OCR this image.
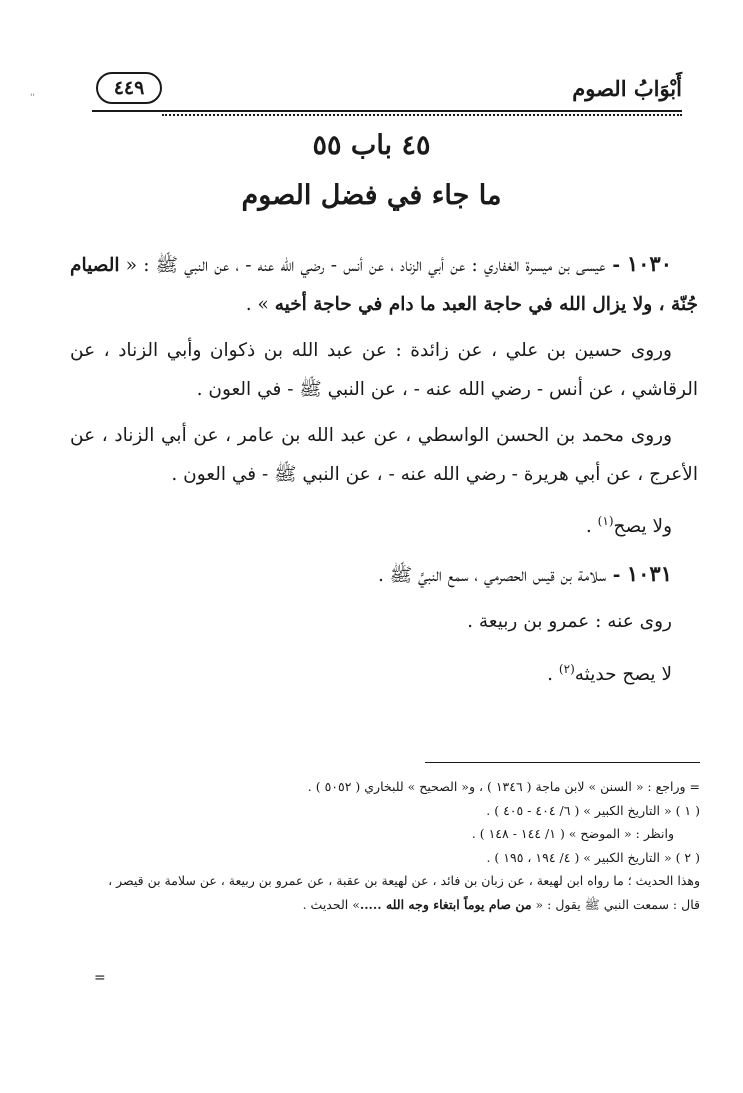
أَبْوَابُ الصوم
٤٤٩
''
٤٥ باب ٥٥
ما جاء في فضل الصوم

١٠٣٠ - عيسى بن ميسرة الغفاري : عن أبي الزناد ، عن أنس - رضي الله عنه - ، عن النبي ﷺ : « الصيام جُنّة ، ولا يزال الله في حاجة العبد ما دام في حاجة أخيه » .

وروى حسين بن علي ، عن زائدة : عن عبد الله بن ذكوان وأبي الزناد ، عن الرقاشي ، عن أنس - رضي الله عنه - ، عن النبي ﷺ - في العون .

وروى محمد بن الحسن الواسطي ، عن عبد الله بن عامر ، عن أبي الزناد ، عن الأعرج ، عن أبي هريرة - رضي الله عنه - ، عن النبي ﷺ - في العون .

ولا يصح$^{(١)}$ .

١٠٣١ - سلامة بن قيس الحصرمي ، سمع النبيَّ ﷺ .

روى عنه : عمرو بن ربيعة .

لا يصح حديثه$^{(٢)}$ .

= وراجع : « السنن » لابن ماجة ( ١٣٤٦ ) ، و« الصحيح » للبخاري ( ٥٠٥٢ ) .

( ١ ) « التاريخ الكبير » ( ٦/ ٤٠٤ - ٤٠٥ ) .

وانظر : « الموضح » ( ١/ ١٤٤ - ١٤٨ ) .

( ٢ ) « التاريخ الكبير » ( ٤/ ١٩٤ ، ١٩٥ ) .

وهذا الحديث ؛ ما رواه ابن لهيعة ، عن زبان بن فائد ، عن لهيعة بن عقبة ، عن عمرو بن ربيعة ، عن سلامة بن قيصر ، قال : سمعت النبي ﷺ يقول : « من صام يوماً ابتغاء وجه الله .....» الحديث .

=
